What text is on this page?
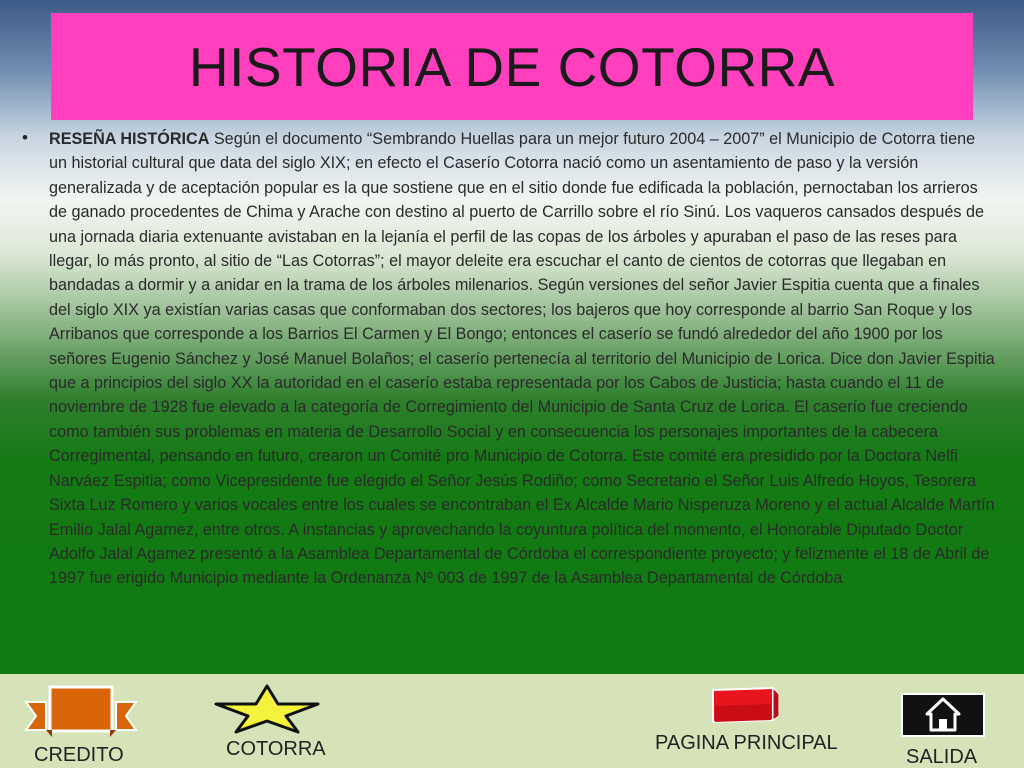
HISTORIA DE COTORRA
• RESEÑA HISTÓRICA Según el documento “Sembrando Huellas para un mejor futuro 2004 – 2007” el Municipio de Cotorra tiene un historial cultural que data del siglo XIX; en efecto el Caserío Cotorra nació como un asentamiento de paso y la versión generalizada y de aceptación popular es la que sostiene que en el sitio donde fue edificada la población, pernoctaban los arrieros de ganado procedentes de Chima y Arache con destino al puerto de Carrillo sobre el río Sinú. Los vaqueros cansados después de una jornada diaria extenuante avistaban en la lejanía el perfil de las copas de los árboles y apuraban el paso de las reses para llegar, lo más pronto, al sitio de “Las Cotorras”; el mayor deleite era escuchar el canto de cientos de cotorras que llegaban en bandadas a dormir y a anidar en la trama de los árboles milenarios. Según versiones del señor Javier Espitia cuenta que a finales del siglo XIX ya existían varias casas que conformaban dos sectores; los bajeros que hoy corresponde al barrio San Roque y los Arribanos que corresponde a los Barrios El Carmen y El Bongo; entonces el caserío se fundó alrededor del año 1900 por los señores Eugenio Sánchez y José Manuel Bolaños; el caserío pertenecía al territorio del Municipio de Lorica. Dice don Javier Espitia que a principios del siglo XX la autoridad en el caserío estaba representada por los Cabos de Justicia; hasta cuando el 11 de noviembre de 1928 fue elevado a la categoría de Corregimiento del Municipio de Santa Cruz de Lorica. El caserío fue creciendo como también sus problemas en materia de Desarrollo Social y en consecuencia los personajes importantes de la cabecera Corregimental, pensando en futuro, crearon un Comité pro Municipio de Cotorra. Este comité era presidido por la Doctora Nelfi Narváez Espitia; como Vicepresidente fue elegido el Señor Jesús Rodiño; como Secretario el Señor Luis Alfredo Hoyos, Tesorera Sixta Luz Romero y varios vocales entre los cuales se encontraban el Ex Alcalde Mario Nisperuza Moreno y el actual Alcalde Martín Emilio Jalal Agamez, entre otros. A instancias y aprovechando la coyuntura política del momento, el Honorable Diputado Doctor Adolfo Jalal Agamez presentó a la Asamblea Departamental de Córdoba el correspondiente proyecto; y felizmente el 18 de Abril de 1997 fue erigido Municipio mediante la Ordenanza Nº 003 de 1997 de la Asamblea Departamental de Córdoba
CREDITO	COTORRA	PAGINA PRINCIPAL
SALIDA
